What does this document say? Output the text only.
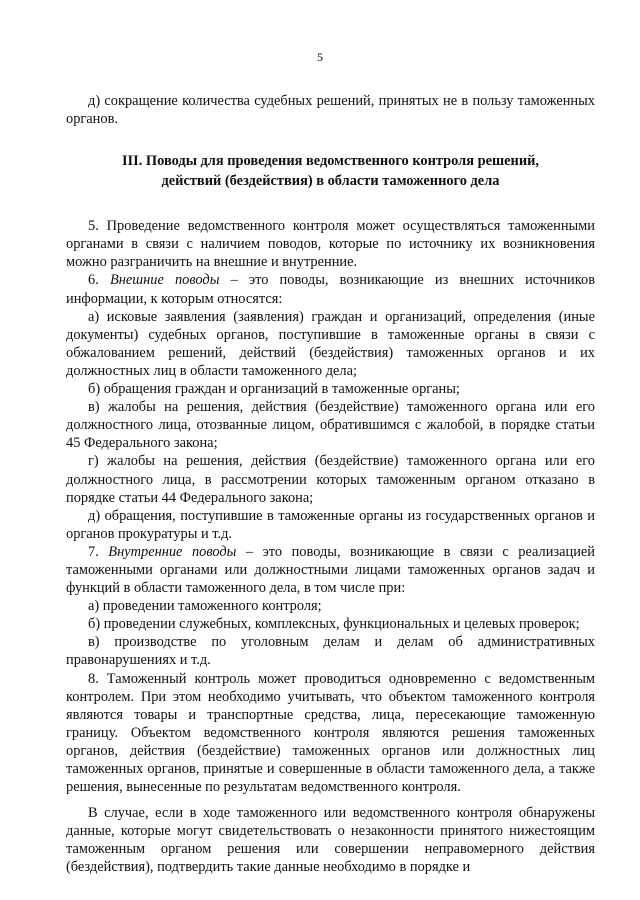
5

д) сокращение количества судебных решений, принятых не в пользу таможенных органов.

III. Поводы для проведения ведомственного контроля решений,
действий (бездействия) в области таможенного дела

5. Проведение ведомственного контроля может осуществляться таможенными органами в связи с наличием поводов, которые по источнику их возникновения можно разграничить на внешние и внутренние.

6. Внешние поводы – это поводы, возникающие из внешних источников информации, к которым относятся:

а) исковые заявления (заявления) граждан и организаций, определения (иные документы) судебных органов, поступившие в таможенные органы в связи с обжалованием решений, действий (бездействия) таможенных органов и их должностных лиц в области таможенного дела;

б) обращения граждан и организаций в таможенные органы;

в) жалобы на решения, действия (бездействие) таможенного органа или его должностного лица, отозванные лицом, обратившимся с жалобой, в порядке статьи 45 Федерального закона;

г) жалобы на решения, действия (бездействие) таможенного органа или его должностного лица, в рассмотрении которых таможенным органом отказано в порядке статьи 44 Федерального закона;

д) обращения, поступившие в таможенные органы из государственных органов и органов прокуратуры и т.д.

7. Внутренние поводы – это поводы, возникающие в связи с реализацией таможенными органами или должностными лицами таможенных органов задач и функций в области таможенного дела, в том числе при:

а) проведении таможенного контроля;

б) проведении служебных, комплексных, функциональных и целевых проверок;

в) производстве по уголовным делам и делам об административных правонарушениях и т.д.

8. Таможенный контроль может проводиться одновременно с ведомственным контролем. При этом необходимо учитывать, что объектом таможенного контроля являются товары и транспортные средства, лица, пересекающие таможенную границу. Объектом ведомственного контроля являются решения таможенных органов, действия (бездействие) таможенных органов или должностных лиц таможенных органов, принятые и совершенные в области таможенного дела, а также решения, вынесенные по результатам ведомственного контроля.

В случае, если в ходе таможенного или ведомственного контроля обнаружены данные, которые могут свидетельствовать о незаконности принятого нижестоящим таможенным органом решения или совершении неправомерного действия (бездействия), подтвердить такие данные необходимо в порядке и
